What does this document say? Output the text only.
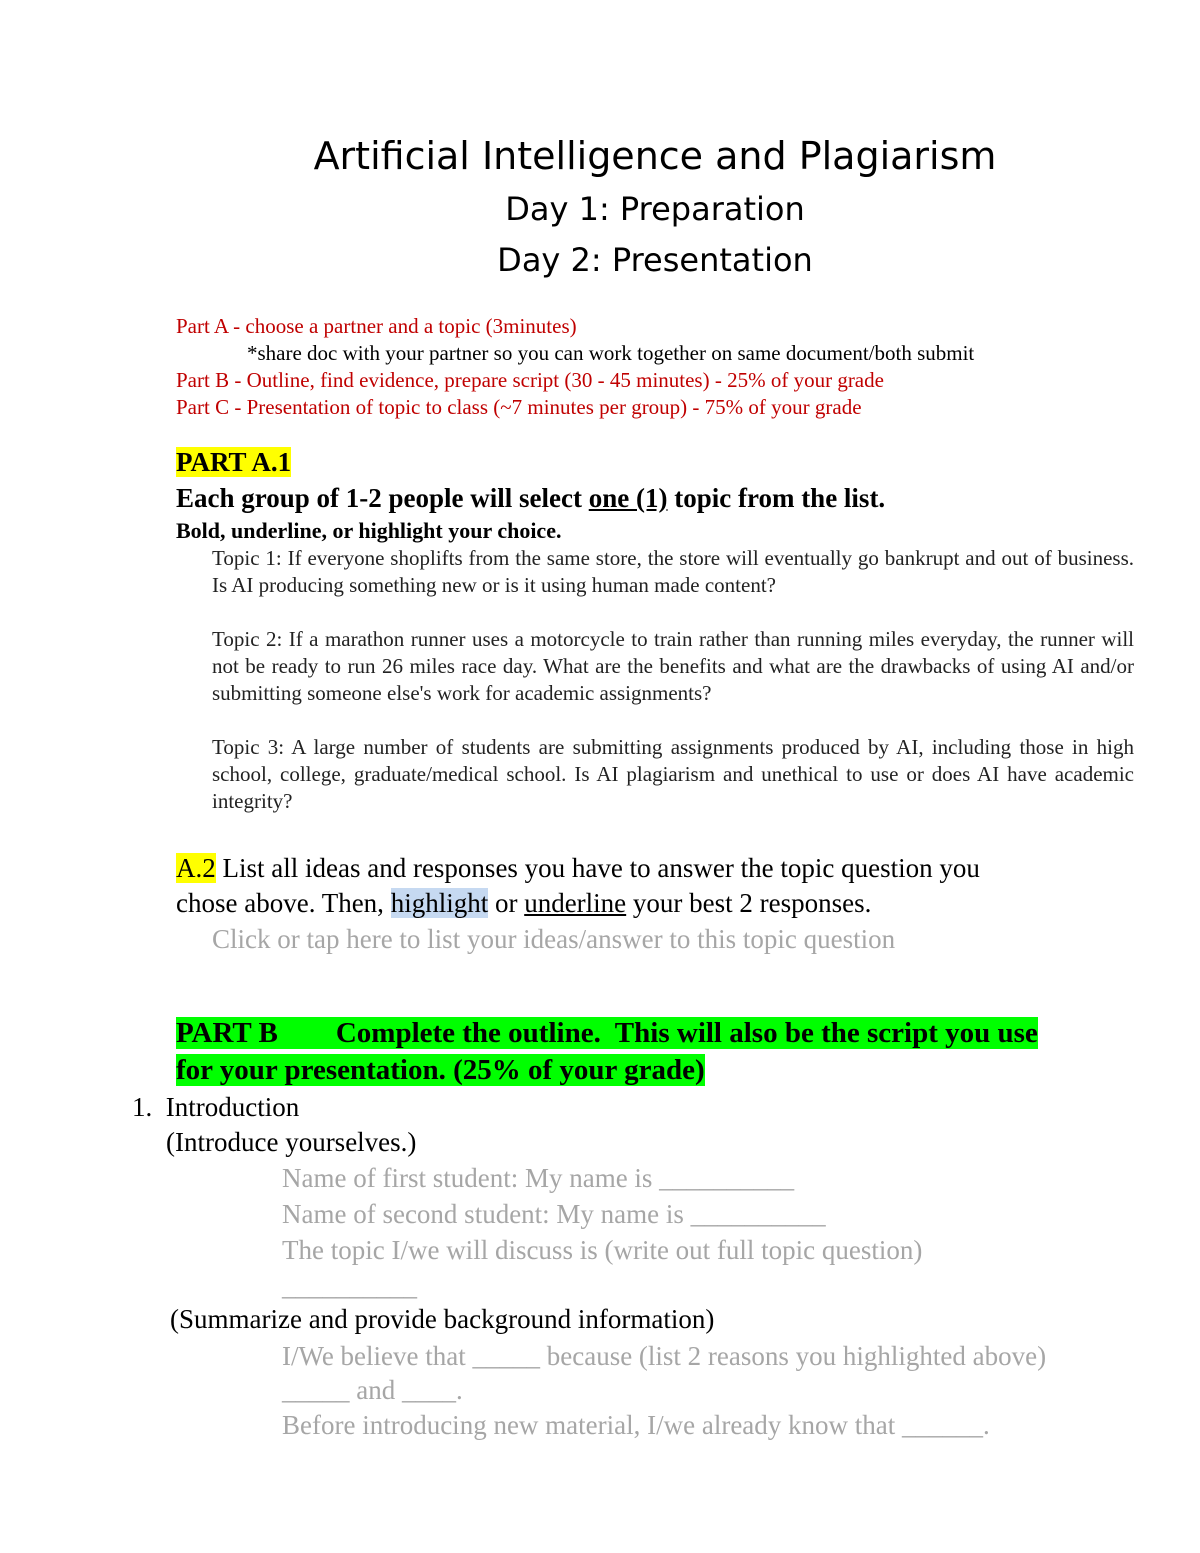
Artificial Intelligence and Plagiarism
Day 1: Preparation
Day 2: Presentation
Part A - choose a partner and a topic (3minutes)
*share doc with your partner so you can work together on same document/both submit
Part B - Outline, find evidence, prepare script (30 - 45 minutes) - 25% of your grade
Part C - Presentation of topic to class (~7 minutes per group) - 75% of your grade
PART A.1
Each group of 1-2 people will select one (1) topic from the list.
Bold, underline, or highlight your choice.
Topic 1: If everyone shoplifts from the same store, the store will eventually go bankrupt and out of business. Is AI producing something new or is it using human made content?
Topic 2: If a marathon runner uses a motorcycle to train rather than running miles everyday, the runner will not be ready to run 26 miles race day. What are the benefits and what are the drawbacks of using AI and/or submitting someone else's work for academic assignments?
Topic 3: A large number of students are submitting assignments produced by AI, including those in high school, college, graduate/medical school. Is AI plagiarism and unethical to use or does AI have academic integrity?
A.2 List all ideas and responses you have to answer the topic question you
chose above. Then, highlight or underline your best 2 responses.
Click or tap here to list your ideas/answer to this topic question
PART B        Complete the outline.  This will also be the script you use
for your presentation. (25% of your grade)
1.  Introduction
(Introduce yourselves.)
Name of first student: My name is __________
Name of second student: My name is __________
The topic I/we will discuss is (write out full topic question)
__________
(Summarize and provide background information)
I/We believe that _____ because (list 2 reasons you highlighted above)
_____ and ____.
Before introducing new material, I/we already know that ______.
